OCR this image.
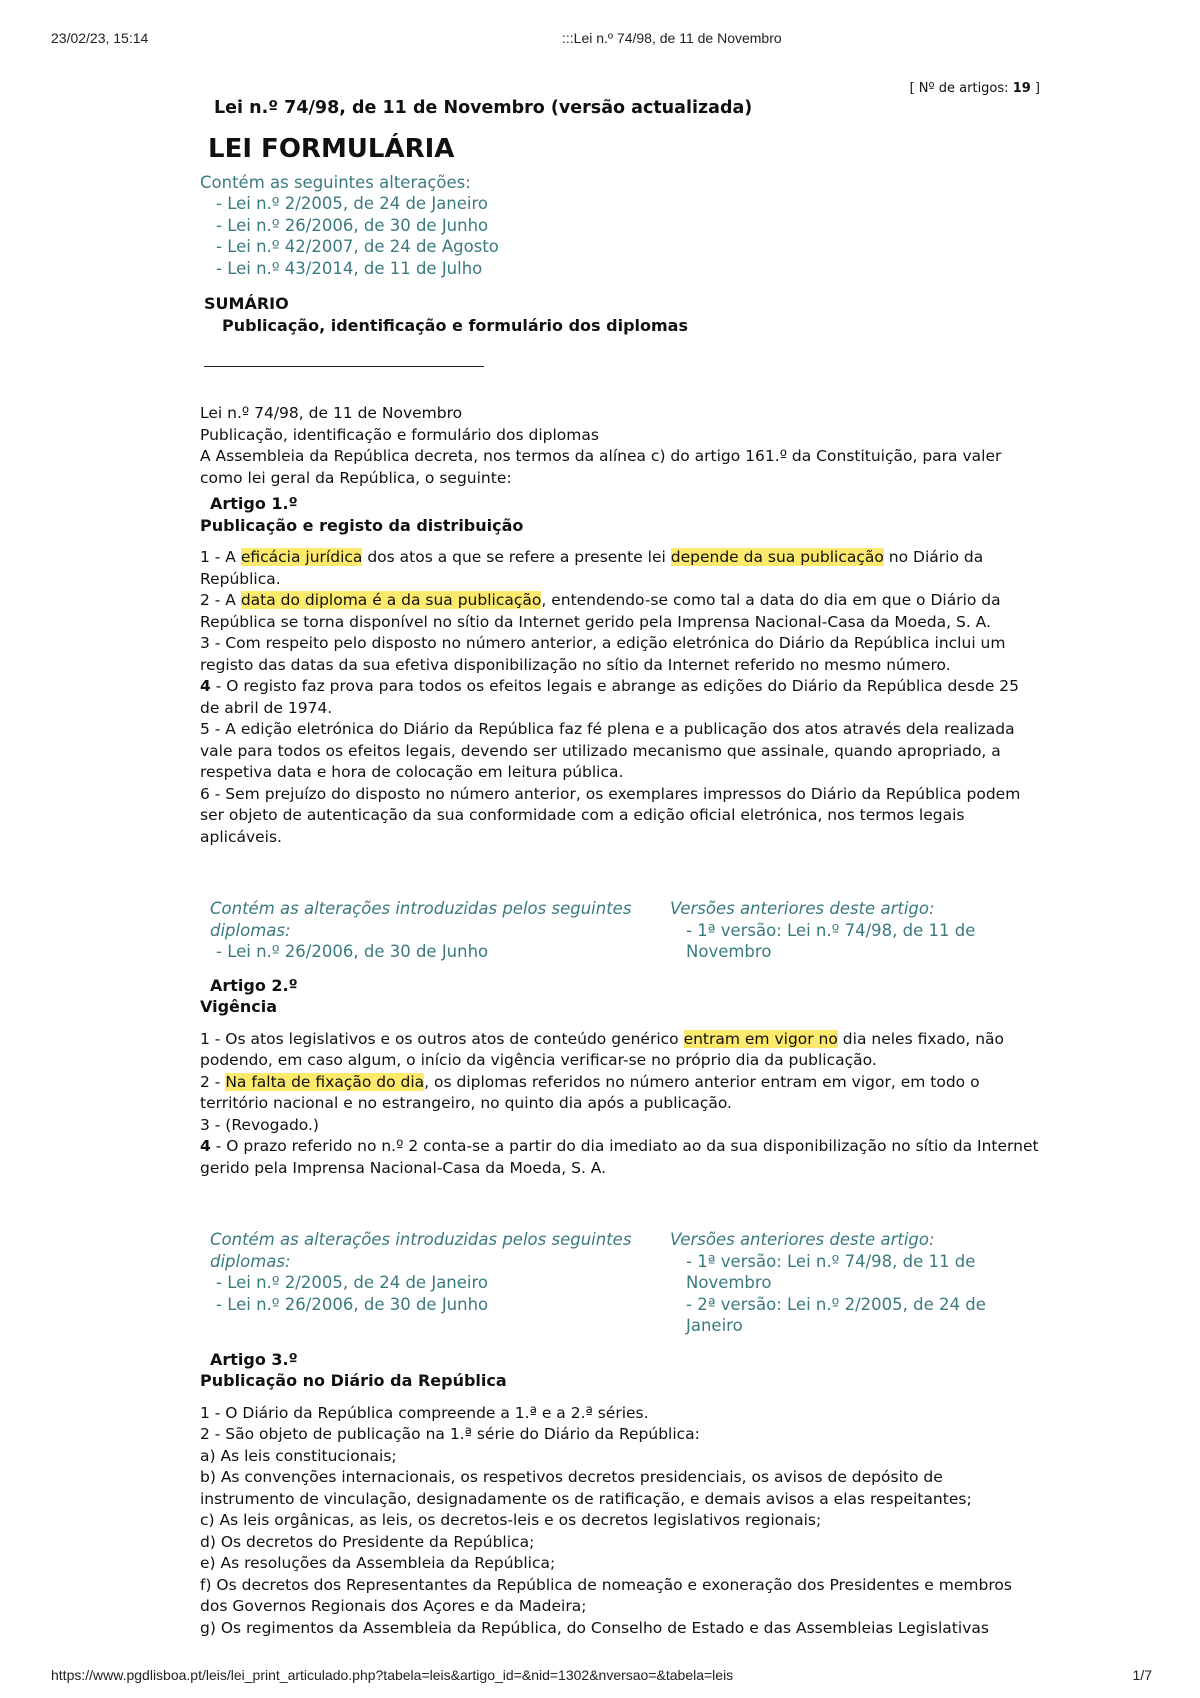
23/02/23, 15:14	:::Lei n.º 74/98, de 11 de Novembro
[ Nº de artigos: 19 ]
Lei n.º 74/98, de 11 de Novembro (versão actualizada)
LEI FORMULÁRIA
Contém as seguintes alterações:
- Lei n.º 2/2005, de 24 de Janeiro
- Lei n.º 26/2006, de 30 de Junho
- Lei n.º 42/2007, de 24 de Agosto
- Lei n.º 43/2014, de 11 de Julho
SUMÁRIO
Publicação, identificação e formulário dos diplomas
Lei n.º 74/98, de 11 de Novembro
Publicação, identificação e formulário dos diplomas
A Assembleia da República decreta, nos termos da alínea c) do artigo 161.º da Constituição, para valer como lei geral da República, o seguinte:
Artigo 1.º
Publicação e registo da distribuição
1 - A eficácia jurídica dos atos a que se refere a presente lei depende da sua publicação no Diário da República.
2 - A data do diploma é a da sua publicação, entendendo-se como tal a data do dia em que o Diário da República se torna disponível no sítio da Internet gerido pela Imprensa Nacional-Casa da Moeda, S. A.
3 - Com respeito pelo disposto no número anterior, a edição eletrónica do Diário da República inclui um registo das datas da sua efetiva disponibilização no sítio da Internet referido no mesmo número.
4 - O registo faz prova para todos os efeitos legais e abrange as edições do Diário da República desde 25 de abril de 1974.
5 - A edição eletrónica do Diário da República faz fé plena e a publicação dos atos através dela realizada vale para todos os efeitos legais, devendo ser utilizado mecanismo que assinale, quando apropriado, a respetiva data e hora de colocação em leitura pública.
6 - Sem prejuízo do disposto no número anterior, os exemplares impressos do Diário da República podem ser objeto de autenticação da sua conformidade com a edição oficial eletrónica, nos termos legais aplicáveis.
Contém as alterações introduzidas pelos seguintes diplomas:
- Lei n.º 26/2006, de 30 de Junho
Versões anteriores deste artigo:
- 1ª versão: Lei n.º 74/98, de 11 de Novembro
Artigo 2.º
Vigência
1 - Os atos legislativos e os outros atos de conteúdo genérico entram em vigor no dia neles fixado, não podendo, em caso algum, o início da vigência verificar-se no próprio dia da publicação.
2 - Na falta de fixação do dia, os diplomas referidos no número anterior entram em vigor, em todo o território nacional e no estrangeiro, no quinto dia após a publicação.
3 - (Revogado.)
4 - O prazo referido no n.º 2 conta-se a partir do dia imediato ao da sua disponibilização no sítio da Internet gerido pela Imprensa Nacional-Casa da Moeda, S. A.
Contém as alterações introduzidas pelos seguintes diplomas:
- Lei n.º 2/2005, de 24 de Janeiro
- Lei n.º 26/2006, de 30 de Junho
Versões anteriores deste artigo:
- 1ª versão: Lei n.º 74/98, de 11 de Novembro
- 2ª versão: Lei n.º 2/2005, de 24 de Janeiro
Artigo 3.º
Publicação no Diário da República
1 - O Diário da República compreende a 1.ª e a 2.ª séries.
2 - São objeto de publicação na 1.ª série do Diário da República:
a) As leis constitucionais;
b) As convenções internacionais, os respetivos decretos presidenciais, os avisos de depósito de instrumento de vinculação, designadamente os de ratificação, e demais avisos a elas respeitantes;
c) As leis orgânicas, as leis, os decretos-leis e os decretos legislativos regionais;
d) Os decretos do Presidente da República;
e) As resoluções da Assembleia da República;
f) Os decretos dos Representantes da República de nomeação e exoneração dos Presidentes e membros dos Governos Regionais dos Açores e da Madeira;
g) Os regimentos da Assembleia da República, do Conselho de Estado e das Assembleias Legislativas
https://www.pgdlisboa.pt/leis/lei_print_articulado.php?tabela=leis&artigo_id=&nid=1302&nversao=&tabela=leis	1/7
